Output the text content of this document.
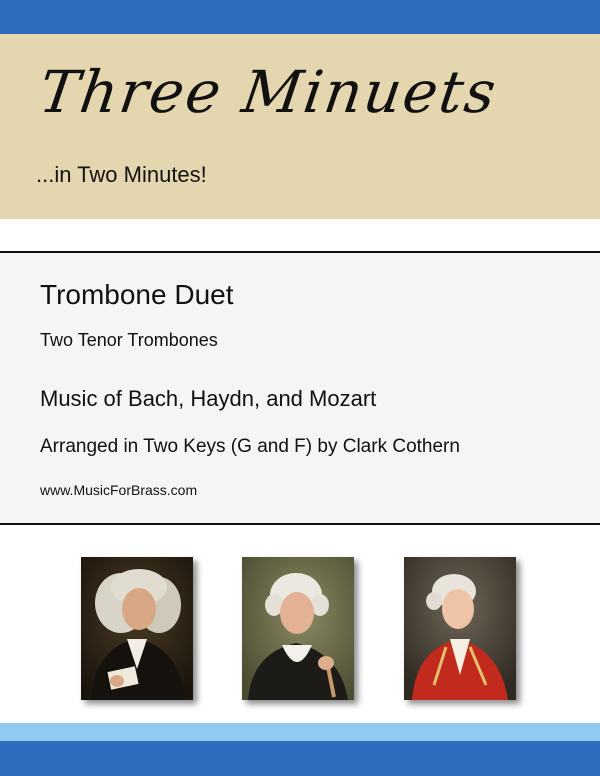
Three Minuets

...in Two Minutes!

Trombone Duet

Two Tenor Trombones

Music of Bach, Haydn, and Mozart

Arranged in Two Keys (G and F) by Clark Cothern

www.MusicForBrass.com
